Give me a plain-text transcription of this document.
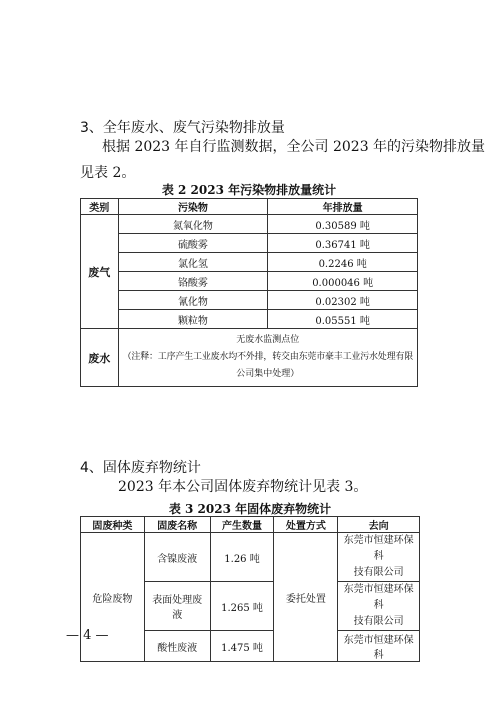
3、全年废水、废气污染物排放量
根据 2023 年自行监测数据，全公司 2023 年的污染物排放量
见表 2。
表 2 2023 年污染物排放量统计
类别	污染物	年排放量
废气	氮氧化物	0.30589 吨
	硫酸雾	0.36741 吨
	氯化氢	0.2246 吨
	铬酸雾	0.000046 吨
	氰化物	0.02302 吨
	颗粒物	0.05551 吨
废水	无废水监测点位
（注释：工序产生工业废水均不外排，转交由东莞市豪丰工业污水处理有限
公司集中处理）	
4、固体废弃物统计
2023 年本公司固体废弃物统计见表 3。
表 3 2023 年固体废弃物统计
固废种类	固废名称	产生数量	处置方式	去向
危险废物	含镍废液	1.26 吨	委托处置	东莞市恒建环保科
技有限公司

	表面处理废液	1.265 吨		东莞市恒建环保科
技有限公司

	酸性废液	1.475 吨		东莞市恒建环保科
— 4 —
